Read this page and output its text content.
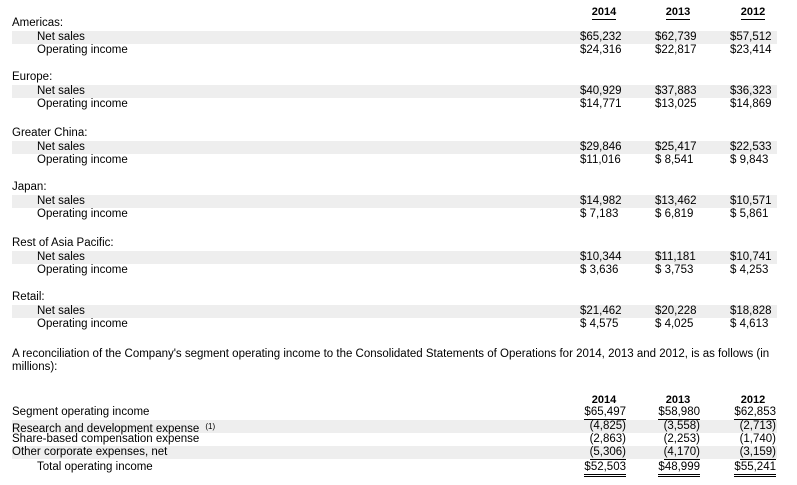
2014	2013	2012
Americas:
Net sales	$65,232	$62,739	$57,512
Operating income	$24,316	$22,817	$23,414
Europe:
Net sales	$40,929	$37,883	$36,323
Operating income	$14,771	$13,025	$14,869
Greater China:
Net sales	$29,846	$25,417	$22,533
Operating income	$11,016	$ 8,541	$ 9,843
Japan:
Net sales	$14,982	$13,462	$10,571
Operating income	$ 7,183	$ 6,819	$ 5,861
Rest of Asia Pacific:
Net sales	$10,344	$11,181	$10,741
Operating income	$ 3,636	$ 3,753	$ 4,253
Retail:
Net sales	$21,462	$20,228	$18,828
Operating income	$ 4,575	$ 4,025	$ 4,613
A reconciliation of the Company's segment operating income to the Consolidated Statements of Operations for 2014, 2013 and 2012, is as follows (in millions):
2014	2013	2012
Segment operating income	$65,497	$58,980	$62,853
Research and development expense $^{(1)}$	(4,825)	(3,558)	(2,713)
Share-based compensation expense	(2,863)	(2,253)	(1,740)
Other corporate expenses, net	(5,306)	(4,170)	(3,159)
Total operating income	$52,503	$48,999	$55,241
